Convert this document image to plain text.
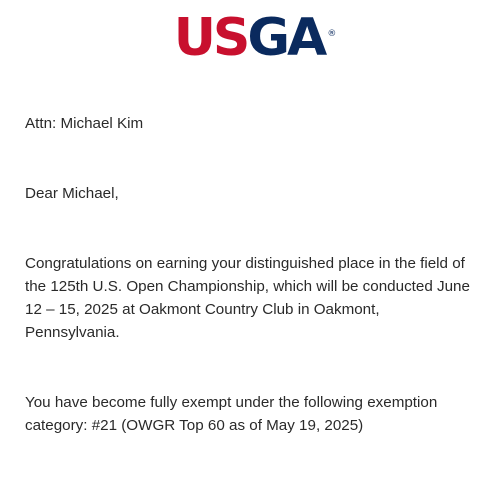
USGA ®

Attn: Michael Kim

Dear Michael,

Congratulations on earning your distinguished place in the field of the 125th U.S. Open Championship, which will be conducted June 12 – 15, 2025 at Oakmont Country Club in Oakmont, Pennsylvania.

You have become fully exempt under the following exemption category: #21 (OWGR Top 60 as of May 19, 2025)
